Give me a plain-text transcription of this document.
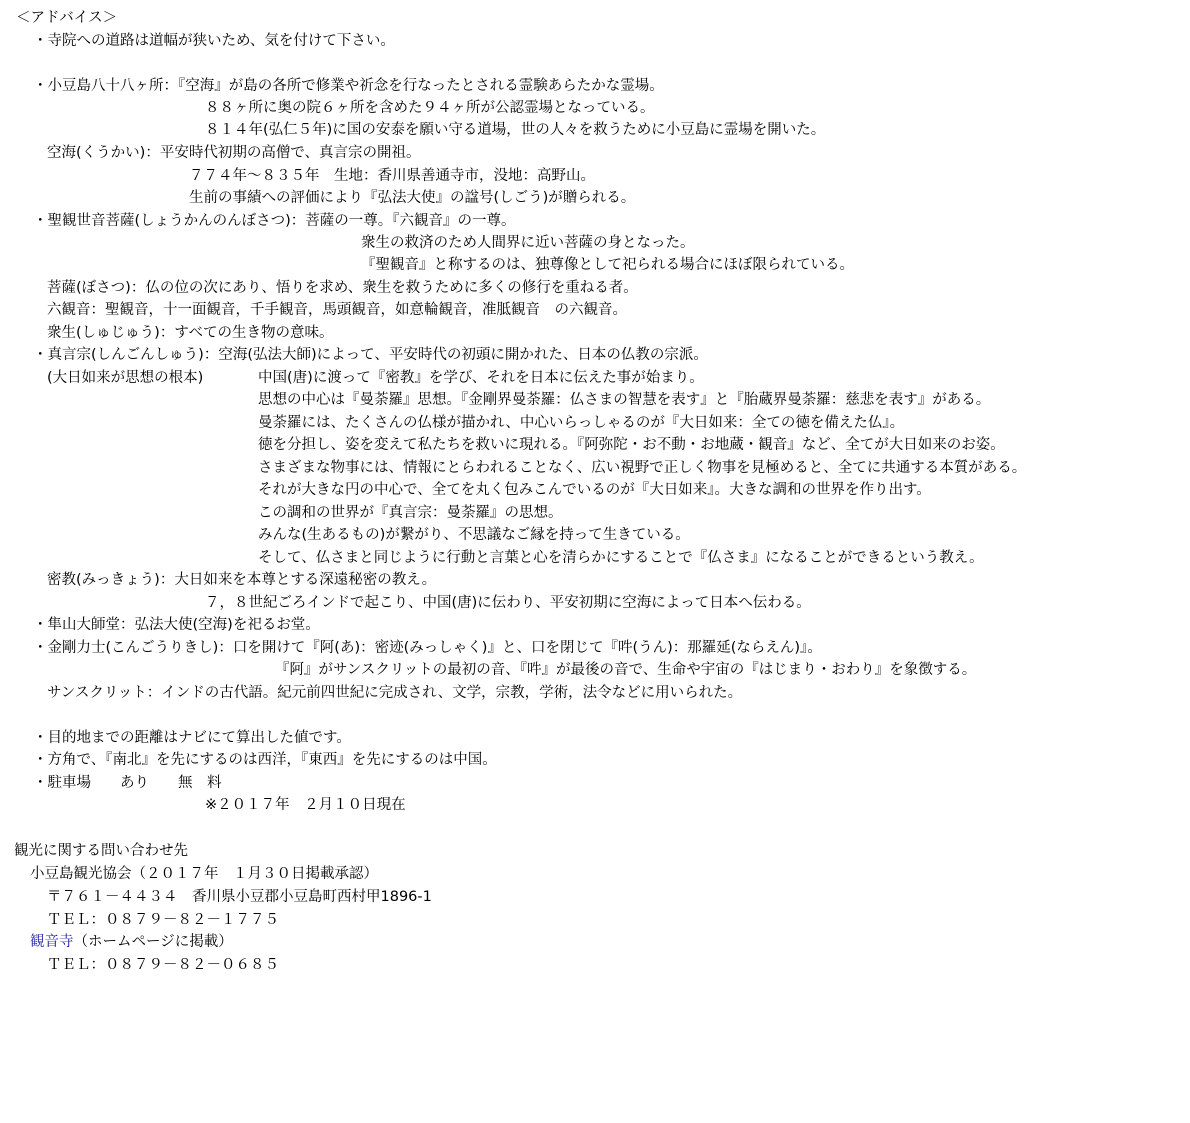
＜アドバイス＞
・寺院への道路は道幅が狭いため、気を付けて下さい。
・小豆島八十八ヶ所：『空海』が島の各所で修業や祈念を行なったとされる霊験あらたかな霊場。
８８ヶ所に奥の院６ヶ所を含めた９４ヶ所が公認霊場となっている。
８１４年(弘仁５年)に国の安泰を願い守る道場，世の人々を救うために小豆島に霊場を開いた。
空海(くうかい)：平安時代初期の高僧で、真言宗の開祖。
７７４年～８３５年　生地：香川県善通寺市，没地：高野山。
生前の事績への評価により『弘法大使』の諡号(しごう)が贈られる。
・聖観世音菩薩(しょうかんのんぼさつ)：菩薩の一尊。『六観音』の一尊。
衆生の救済のため人間界に近い菩薩の身となった。
『聖観音』と称するのは、独尊像として祀られる場合にほぼ限られている。
菩薩(ぼさつ)：仏の位の次にあり、悟りを求め、衆生を救うために多くの修行を重ねる者。
六観音：聖観音，十一面観音，千手観音，馬頭観音，如意輪観音，准胝観音　の六観音。
衆生(しゅじゅう)：すべての生き物の意味。
・真言宗(しんごんしゅう)：空海(弘法大師)によって、平安時代の初頭に開かれた、日本の仏教の宗派。
(大日如来が思想の根本)	中国(唐)に渡って『密教』を学び、それを日本に伝えた事が始まり。
思想の中心は『曼荼羅』思想。『金剛界曼荼羅：仏さまの智慧を表す』と『胎蔵界曼荼羅：慈悲を表す』がある。
曼荼羅には、たくさんの仏様が描かれ、中心いらっしゃるのが『大日如来：全ての徳を備えた仏』。
徳を分担し、姿を変えて私たちを救いに現れる。『阿弥陀・お不動・お地蔵・観音』など、全てが大日如来のお姿。
さまざまな物事には、情報にとらわれることなく、広い視野で正しく物事を見極めると、全てに共通する本質がある。
それが大きな円の中心で、全てを丸く包みこんでいるのが『大日如来』。大きな調和の世界を作り出す。
この調和の世界が『真言宗：曼荼羅』の思想。
みんな(生あるもの)が繋がり、不思議なご縁を持って生きている。
そして、仏さまと同じように行動と言葉と心を清らかにすることで『仏さま』になることができるという教え。
密教(みっきょう)：大日如来を本尊とする深遠秘密の教え。
７，８世紀ごろインドで起こり、中国(唐)に伝わり、平安初期に空海によって日本へ伝わる。
・隼山大師堂：弘法大使(空海)を祀るお堂。
・金剛力士(こんごうりきし)：口を開けて『阿(あ)：密迹(みっしゃく)』と、口を閉じて『吽(うん)：那羅延(ならえん)』。
『阿』がサンスクリットの最初の音、『吽』が最後の音で、生命や宇宙の『はじまり・おわり』を象徴する。
サンスクリット：インドの古代語。紀元前四世紀に完成され、文学，宗教，学術，法令などに用いられた。
・目的地までの距離はナビにて算出した値です。
・方角で、『南北』を先にするのは西洋，『東西』を先にするのは中国。
・駐車場　　あり　　無　料
※２０１７年　２月１０日現在
観光に関する問い合わせ先
小豆島観光協会（２０１７年　１月３０日掲載承認）
〒７６１－４４３４　香川県小豆郡小豆島町西村甲1896-1
ＴＥＬ：０８７９－８２－１７７５
観音寺（ホームページに掲載）
ＴＥＬ：０８７９－８２－０６８５
